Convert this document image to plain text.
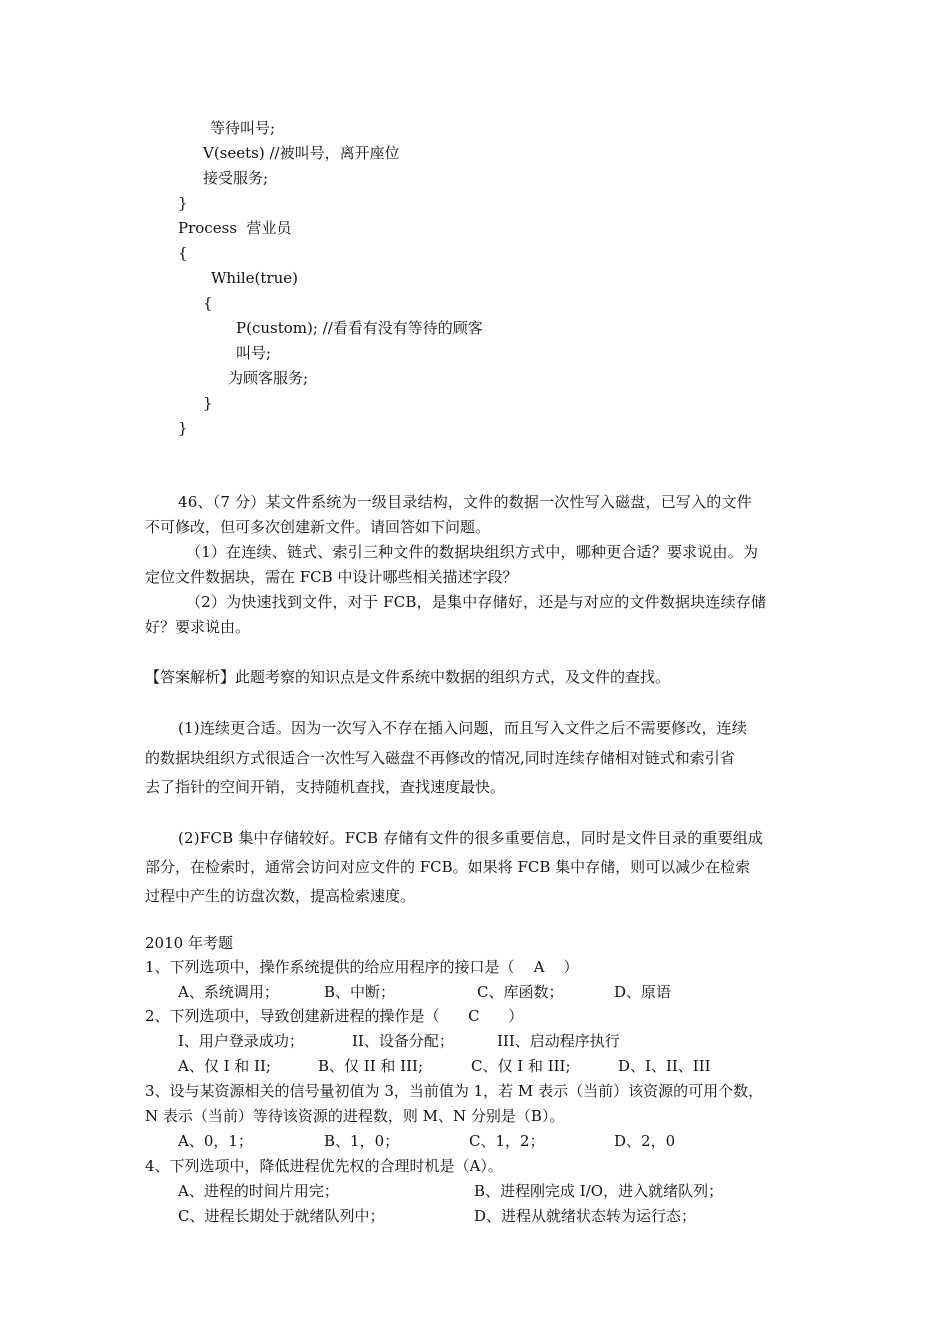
等待叫号;
V(seets) //被叫号，离开座位
接受服务;
}
Process  营业员
{
While(true)
{
P(custom); //看看有没有等待的顾客
叫号;
为顾客服务;
}
}
46、（7 分）某文件系统为一级目录结构，文件的数据一次性写入磁盘，已写入的文件
不可修改，但可多次创建新文件。请回答如下问题。
（1）在连续、链式、索引三种文件的数据块组织方式中，哪种更合适？要求说由。为
定位文件数据块，需在 FCB 中设计哪些相关描述字段？
（2）为快速找到文件，对于 FCB，是集中存储好，还是与对应的文件数据块连续存储
好？要求说由。
【答案解析】此题考察的知识点是文件系统中数据的组织方式，及文件的查找。
(1)连续更合适。因为一次写入不存在插入问题，而且写入文件之后不需要修改，连续
的数据块组织方式很适合一次性写入磁盘不再修改的情况,同时连续存储相对链式和索引省
去了指针的空间开销，支持随机查找，查找速度最快。
(2)FCB 集中存储较好。FCB 存储有文件的很多重要信息，同时是文件目录的重要组成
部分，在检索时，通常会访问对应文件的 FCB。如果将 FCB 集中存储，则可以减少在检索
过程中产生的访盘次数，提高检索速度。
2010 年考题
1、下列选项中，操作系统提供的给应用程序的接口是（    A    ）
A、系统调用；	B、中断；	C、库函数；	D、原语
2、下列选项中，导致创建新进程的操作是（      C      ）
I、用户登录成功；	II、设备分配；	III、启动程序执行
A、仅 I 和 II;	B、仅 II 和 III;	C、仅 I 和 III;	D、I、II、III
3、设与某资源相关的信号量初值为 3，当前值为 1，若 M 表示（当前）该资源的可用个数，
N 表示（当前）等待该资源的进程数，则 M、N 分别是（B）。
A、0，1；	B、1，0；	C、1，2；	D、2，0
4、下列选项中，降低进程优先权的合理时机是（A）。
A、进程的时间片用完；	B、进程刚完成 I/O，进入就绪队列；
C、进程长期处于就绪队列中；	D、进程从就绪状态转为运行态；
